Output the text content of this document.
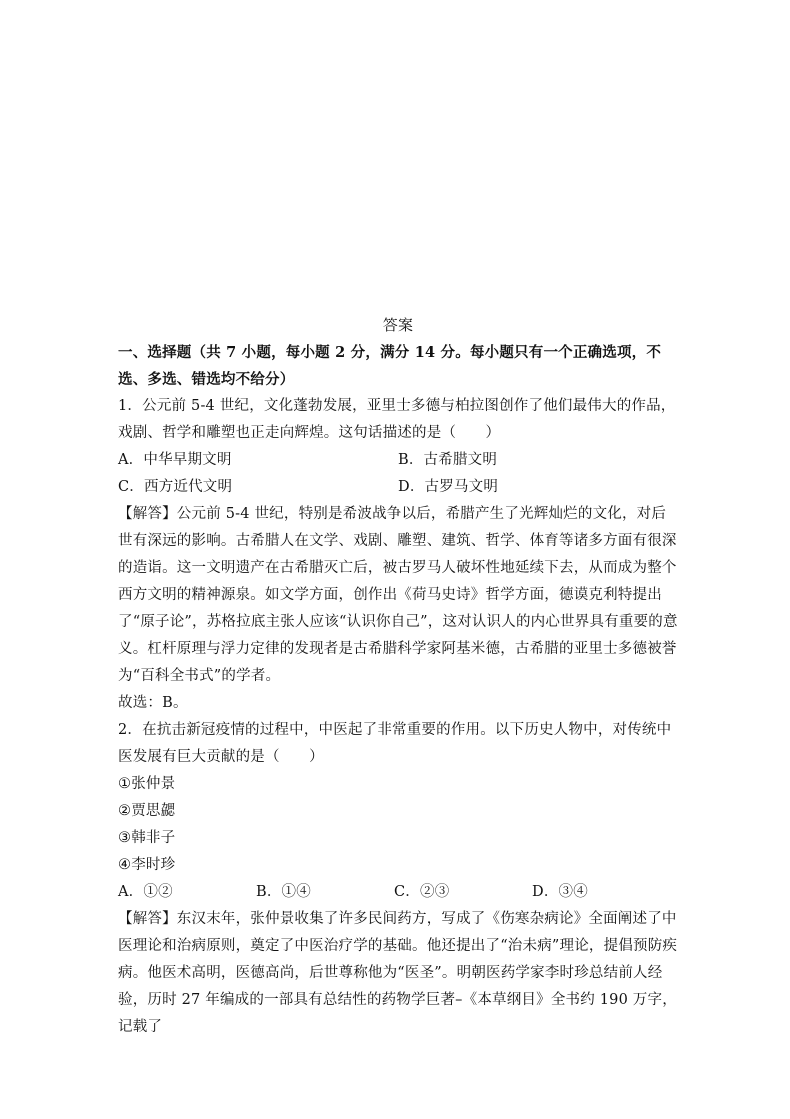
答案
一、选择题（共 7 小题，每小题 2 分，满分 14 分。每小题只有一个正确选项，不选、多选、错选均不给分）
1．公元前 5-4 世纪，文化蓬勃发展，亚里士多德与柏拉图创作了他们最伟大的作品，戏剧、哲学和雕塑也正走向辉煌。这句话描述的是（　　）
A．中华早期文明	B．古希腊文明
C．西方近代文明	D．古罗马文明
【解答】公元前 5-4 世纪，特别是希波战争以后，希腊产生了光辉灿烂的文化，对后世有深远的影响。古希腊人在文学、戏剧、雕塑、建筑、哲学、体育等诸多方面有很深的造诣。这一文明遗产在古希腊灭亡后，被古罗马人破坏性地延续下去，从而成为整个西方文明的精神源泉。如文学方面，创作出《荷马史诗》哲学方面，德谟克利特提出了“原子论”，苏格拉底主张人应该“认识你自己”，这对认识人的内心世界具有重要的意义。杠杆原理与浮力定律的发现者是古希腊科学家阿基米德，古希腊的亚里士多德被誉为“百科全书式”的学者。
故选：B。
2．在抗击新冠疫情的过程中，中医起了非常重要的作用。以下历史人物中，对传统中医发展有巨大贡献的是（　　）
①张仲景
②贾思勰
③韩非子
④李时珍
A．①②	B．①④	C．②③	D．③④
【解答】东汉末年，张仲景收集了许多民间药方，写成了《伤寒杂病论》全面阐述了中医理论和治病原则，奠定了中医治疗学的基础。他还提出了“治未病”理论，提倡预防疾病。他医术高明，医德高尚，后世尊称他为“医圣”。明朝医药学家李时珍总结前人经验，历时 27 年编成的一部具有总结性的药物学巨著–《本草纲目》全书约 190 万字，记载了
